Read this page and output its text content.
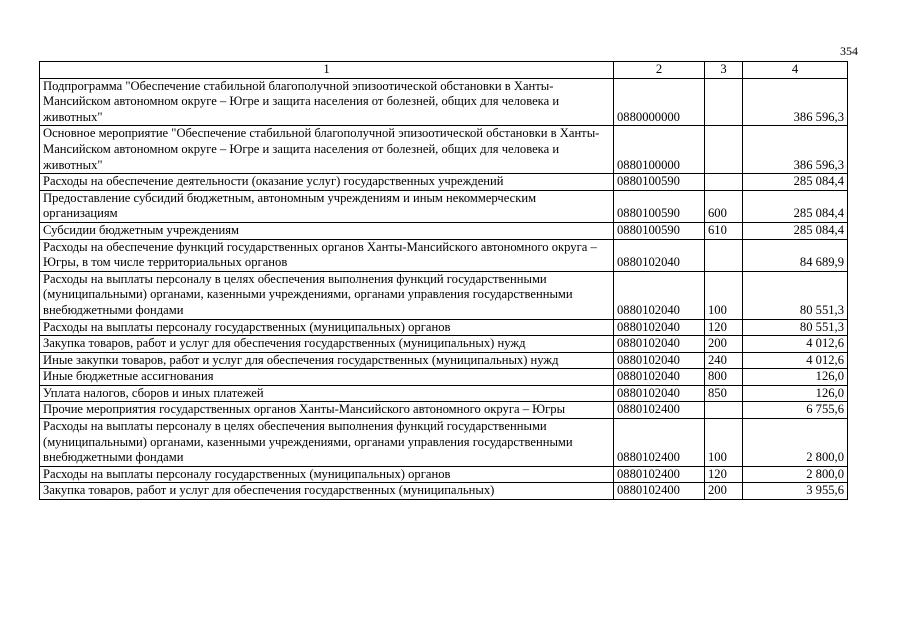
354
1	2	3	4
Подпрограмма "Обеспечение стабильной благополучной эпизоотической обстановки в Ханты-Мансийском автономном округе – Югре и защита населения от болезней, общих для человека и животных"	0880000000		386 596,3
Основное мероприятие "Обеспечение стабильной благополучной эпизоотической обстановки в Ханты-Мансийском автономном округе – Югре и защита населения от болезней, общих для человека и животных"	0880100000		386 596,3
Расходы на обеспечение деятельности (оказание услуг) государственных учреждений	0880100590		285 084,4
Предоставление субсидий бюджетным, автономным учреждениям и иным некоммерческим организациям	0880100590	600	285 084,4
Субсидии бюджетным учреждениям	0880100590	610	285 084,4
Расходы на обеспечение функций государственных органов Ханты-Мансийского автономного округа – Югры, в том числе территориальных органов	0880102040		84 689,9
Расходы на выплаты персоналу в целях обеспечения выполнения функций государственными (муниципальными) органами, казенными учреждениями, органами управления государственными внебюджетными фондами	0880102040	100	80 551,3
Расходы на выплаты персоналу государственных (муниципальных) органов	0880102040	120	80 551,3
Закупка товаров, работ и услуг для обеспечения государственных (муниципальных) нужд	0880102040	200	4 012,6
Иные закупки товаров, работ и услуг для обеспечения государственных (муниципальных) нужд	0880102040	240	4 012,6
Иные бюджетные ассигнования	0880102040	800	126,0
Уплата налогов, сборов и иных платежей	0880102040	850	126,0
Прочие мероприятия государственных органов Ханты-Мансийского автономного округа – Югры	0880102400		6 755,6
Расходы на выплаты персоналу в целях обеспечения выполнения функций государственными (муниципальными) органами, казенными учреждениями, органами управления государственными внебюджетными фондами	0880102400	100	2 800,0
Расходы на выплаты персоналу государственных (муниципальных) органов	0880102400	120	2 800,0
Закупка товаров, работ и услуг для обеспечения государственных (муниципальных)	0880102400	200	3 955,6
